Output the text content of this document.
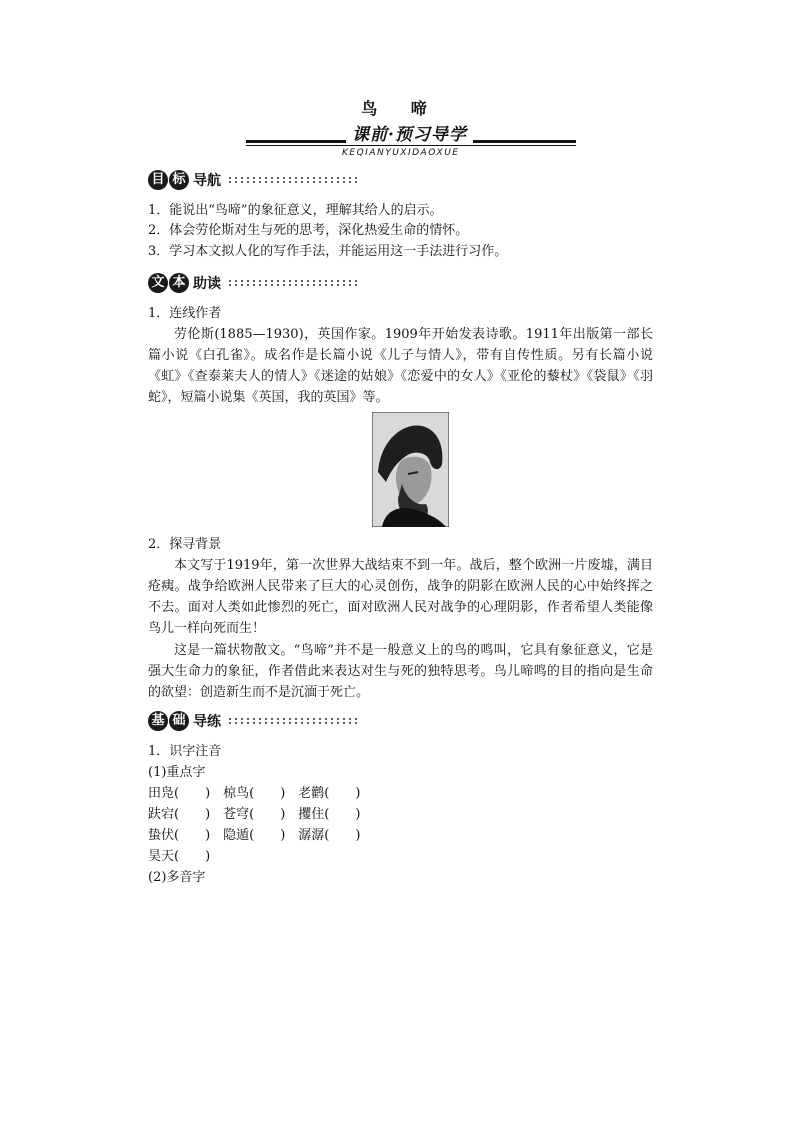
鸟 啼
课前·预习导学
KEQIANYUXIDAOXUE
目 标 导航
1．能说出“鸟啼”的象征意义，理解其给人的启示。
2．体会劳伦斯对生与死的思考，深化热爱生命的情怀。
3．学习本文拟人化的写作手法，并能运用这一手法进行习作。
文 本 助读
1．连线作者
劳伦斯(1885—1930)，英国作家。1909年开始发表诗歌。1911年出版第一部长篇小说《白孔雀》。成名作是长篇小说《儿子与情人》，带有自传性质。另有长篇小说《虹》《查泰莱夫人的情人》《迷途的姑娘》《恋爱中的女人》《亚伦的藜杖》《袋鼠》《羽蛇》，短篇小说集《英国，我的英国》等。
2．探寻背景
本文写于1919年，第一次世界大战结束不到一年。战后，整个欧洲一片废墟，满目疮痍。战争给欧洲人民带来了巨大的心灵创伤，战争的阴影在欧洲人民的心中始终挥之不去。面对人类如此惨烈的死亡，面对欧洲人民对战争的心理阴影，作者希望人类能像鸟儿一样向死而生！
这是一篇状物散文。“鸟啼”并不是一般意义上的鸟的鸣叫，它具有象征意义，它是强大生命力的象征，作者借此来表达对生与死的独特思考。鸟儿啼鸣的目的指向是生命的欲望：创造新生而不是沉湎于死亡。
基 础 导练
1．识字注音
(1)重点字
田凫(　　)　椋鸟(　　)　老鹳(　　)
趺宕(　　)　苍穹(　　)　攫住(　　)
蛰伏(　　)　隐遁(　　)　潺潺(　　)
昊天(　　)
(2)多音字
